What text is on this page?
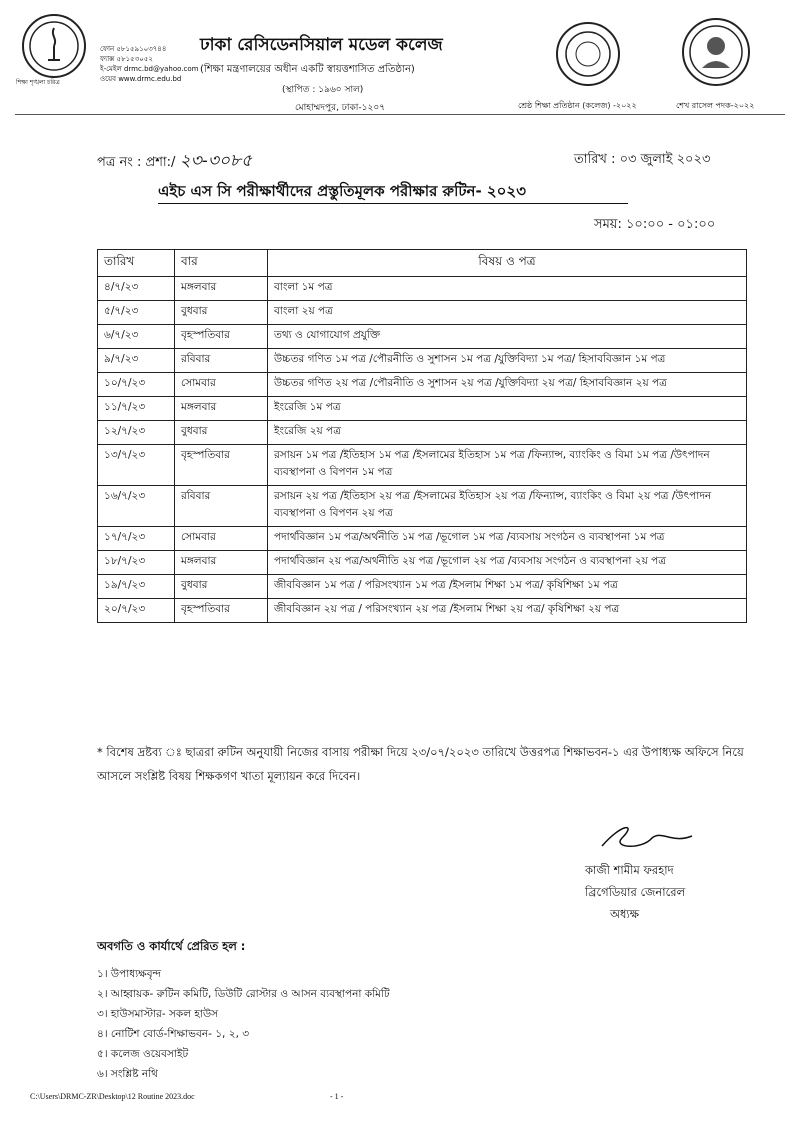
শিক্ষা শৃঙ্খলা চরিত্র
ফোন ৫৮১৫৯১০৩৭৪৪
ফ্যাক্স ৫৮১৫৩০৫২
ই-মেইল drmc.bd@yahoo.com
ওয়েব www.drmc.edu.bd
ঢাকা রেসিডেনসিয়াল মডেল কলেজ
(শিক্ষা মন্ত্রণালয়ের অধীন একটি স্বায়ত্তশাসিত প্রতিষ্ঠান)
(স্থাপিত : ১৯৬০ সাল)
মোহাম্মদপুর, ঢাকা-১২০৭	শ্রেষ্ঠ শিক্ষা প্রতিষ্ঠান (কলেজ) -২০২২	শেখ রাসেল পদক-২০২২
পত্র নং : প্রশা:/ ২৩-৩০৮৫	তারিখ : ০৩ জুলাই ২০২৩
এইচ এস সি পরীক্ষার্থীদের প্রস্তুতিমূলক পরীক্ষার রুটিন- ২০২৩
সময়: ১০:০০ - ০১:০০
তারিখ	বার	বিষয় ও পত্র
৪/৭/২৩	মঙ্গলবার	বাংলা ১ম পত্র
৫/৭/২৩	বুধবার	বাংলা ২য় পত্র
৬/৭/২৩	বৃহস্পতিবার	তথ্য ও যোগাযোগ প্রযুক্তি
৯/৭/২৩	রবিবার	উচ্চতর গণিত ১ম পত্র /পৌরনীতি ও সুশাসন ১ম পত্র /যুক্তিবিদ্যা ১ম পত্র/ হিসাববিজ্ঞান ১ম পত্র
১০/৭/২৩	সোমবার	উচ্চতর গণিত ২য় পত্র /পৌরনীতি ও সুশাসন ২য় পত্র /যুক্তিবিদ্যা ২য় পত্র/ হিসাববিজ্ঞান ২য় পত্র
১১/৭/২৩	মঙ্গলবার	ইংরেজি ১ম পত্র
১২/৭/২৩	বুধবার	ইংরেজি ২য় পত্র
১৩/৭/২৩	বৃহস্পতিবার	রসায়ন ১ম পত্র /ইতিহাস ১ম পত্র /ইসলামের ইতিহাস ১ম পত্র /ফিন্যান্স, ব্যাংকিং ও বিমা ১ম পত্র /উৎপাদন ব্যবস্থাপনা ও বিপণন ১ম পত্র
১৬/৭/২৩	রবিবার	রসায়ন ২য় পত্র /ইতিহাস ২য় পত্র /ইসলামের ইতিহাস ২য় পত্র /ফিন্যান্স, ব্যাংকিং ও বিমা ২য় পত্র /উৎপাদন ব্যবস্থাপনা ও বিপণন ২য় পত্র
১৭/৭/২৩	সোমবার	পদার্থবিজ্ঞান ১ম পত্র/অর্থনীতি ১ম পত্র /ভূগোল ১ম পত্র /ব্যবসায় সংগঠন ও ব্যবস্থাপনা ১ম পত্র
১৮/৭/২৩	মঙ্গলবার	পদার্থবিজ্ঞান ২য় পত্র/অর্থনীতি ২য় পত্র /ভূগোল ২য় পত্র /ব্যবসায় সংগঠন ও ব্যবস্থাপনা ২য় পত্র
১৯/৭/২৩	বুধবার	জীববিজ্ঞান ১ম পত্র / পরিসংখ্যান ১ম পত্র /ইসলাম শিক্ষা ১ম পত্র/ কৃষিশিক্ষা ১ম পত্র
২০/৭/২৩	বৃহস্পতিবার	জীববিজ্ঞান ২য় পত্র / পরিসংখ্যান ২য় পত্র /ইসলাম শিক্ষা ২য় পত্র/ কৃষিশিক্ষা ২য় পত্র
* বিশেষ দ্রষ্টব্য ঃ ছাত্ররা রুটিন অনুযায়ী নিজের বাসায় পরীক্ষা দিয়ে ২৩/০৭/২০২৩ তারিখে উত্তরপত্র শিক্ষাভবন-১ এর উপাধ্যক্ষ অফিসে নিয়ে আসলে সংশ্লিষ্ট বিষয় শিক্ষকগণ খাতা মূল্যায়ন করে দিবেন।
কাজী শামীম ফরহাদ
ব্রিগেডিয়ার জেনারেল
অধ্যক্ষ
অবগতি ও কার্যার্থে প্রেরিত হল :
১। উপাধ্যক্ষবৃন্দ
২। আহ্বায়ক- রুটিন কমিটি, ডিউটি রোস্টার ও আসন ব্যবস্থাপনা কমিটি
৩। হাউসমাস্টার- সকল হাউস
৪। নোটিশ বোর্ড-শিক্ষাভবন- ১, ২, ৩
৫। কলেজ ওয়েবসাইট
৬। সংশ্লিষ্ট নথি
C:\Users\DRMC-ZR\Desktop\12 Routine 2023.doc	- 1 -
